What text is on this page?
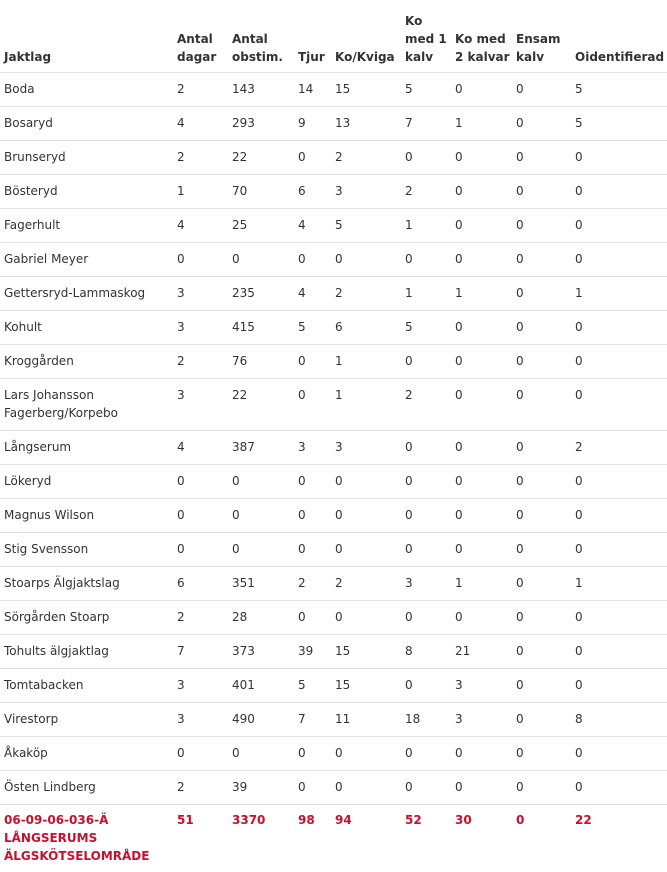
Jaktlag	Antal dagar	Antal obstim.	Tjur	Ko/Kviga	Ko med 1 kalv	Ko med 2 kalvar	Ensam kalv	Oidentifierad
Boda	2	143	14	15	5	0	0	5
Bosaryd	4	293	9	13	7	1	0	5
Brunseryd	2	22	0	2	0	0	0	0
Bösteryd	1	70	6	3	2	0	0	0
Fagerhult	4	25	4	5	1	0	0	0
Gabriel Meyer	0	0	0	0	0	0	0	0
Gettersryd-Lammaskog	3	235	4	2	1	1	0	1
Kohult	3	415	5	6	5	0	0	0
Kroggården	2	76	0	1	0	0	0	0
Lars Johansson Fagerberg/Korpebo	3	22	0	1	2	0	0	0
Långserum	4	387	3	3	0	0	0	2
Lökeryd	0	0	0	0	0	0	0	0
Magnus Wilson	0	0	0	0	0	0	0	0
Stig Svensson	0	0	0	0	0	0	0	0
Stoarps Älgjaktslag	6	351	2	2	3	1	0	1
Sörgården Stoarp	2	28	0	0	0	0	0	0
Tohults älgjaktlag	7	373	39	15	8	21	0	0
Tomtabacken	3	401	5	15	0	3	0	0
Virestorp	3	490	7	11	18	3	0	8
Åkaköp	0	0	0	0	0	0	0	0
Östen Lindberg	2	39	0	0	0	0	0	0
06-09-06-036-Ä LÅNGSERUMS ÄLGSKÖTSELOMRÅDE	51	3370	98	94	52	30	0	22
